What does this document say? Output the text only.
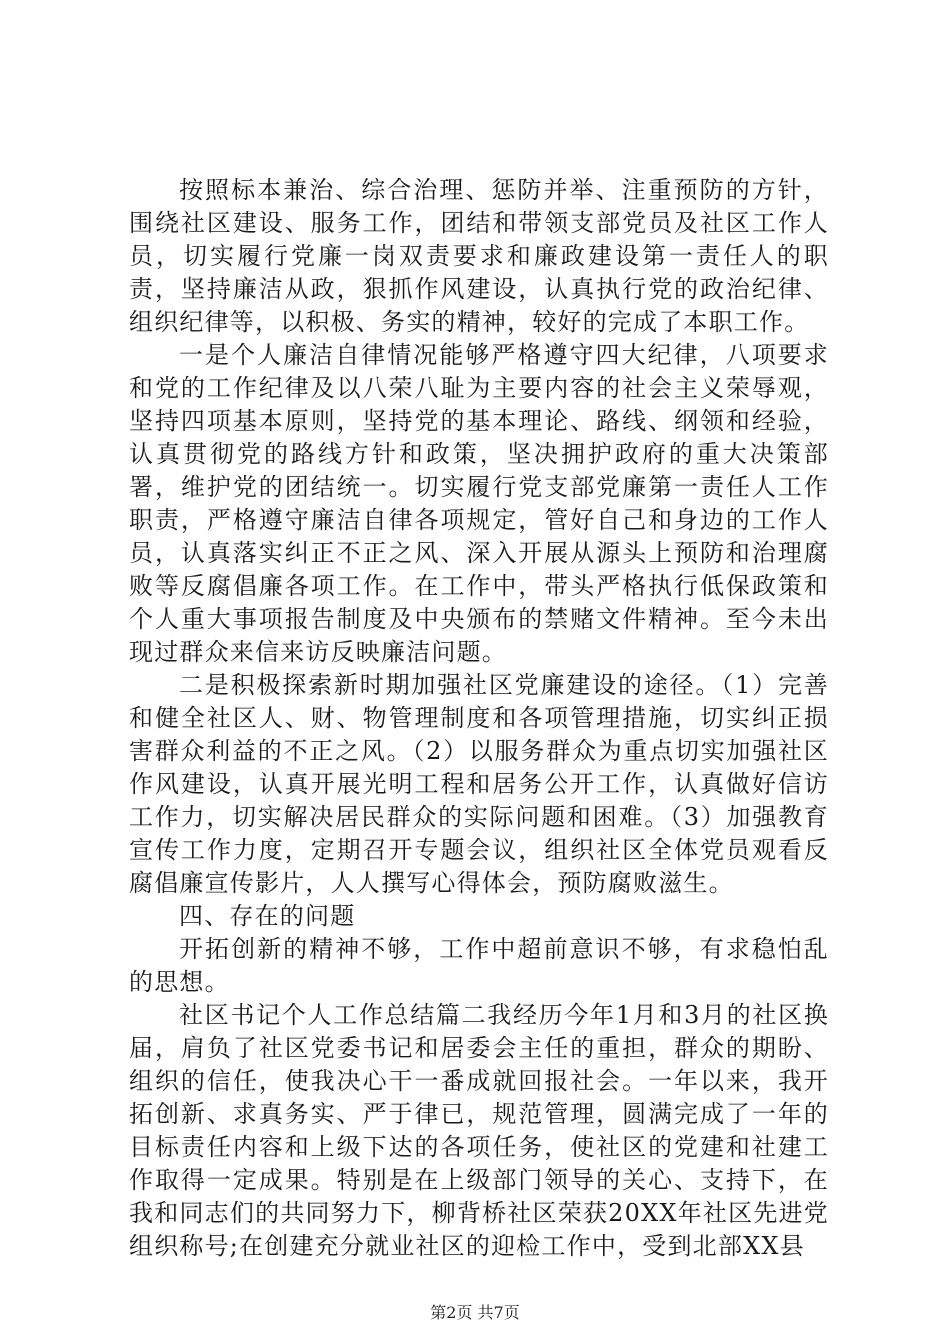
按照标本兼治、综合治理、惩防并举、注重预防的方针，围绕社区建设、服务工作，团结和带领支部党员及社区工作人员，切实履行党廉一岗双责要求和廉政建设第一责任人的职责，坚持廉洁从政，狠抓作风建设，认真执行党的政治纪律、组织纪律等，以积极、务实的精神，较好的完成了本职工作。

一是个人廉洁自律情况能够严格遵守四大纪律，八项要求和党的工作纪律及以八荣八耻为主要内容的社会主义荣辱观，坚持四项基本原则，坚持党的基本理论、路线、纲领和经验，认真贯彻党的路线方针和政策，坚决拥护政府的重大决策部署，维护党的团结统一。切实履行党支部党廉第一责任人工作职责，严格遵守廉洁自律各项规定，管好自己和身边的工作人员，认真落实纠正不正之风、深入开展从源头上预防和治理腐败等反腐倡廉各项工作。在工作中，带头严格执行低保政策和个人重大事项报告制度及中央颁布的禁赌文件精神。至今未出现过群众来信来访反映廉洁问题。

二是积极探索新时期加强社区党廉建设的途径。（1）完善和健全社区人、财、物管理制度和各项管理措施，切实纠正损害群众利益的不正之风。（2）以服务群众为重点切实加强社区作风建设，认真开展光明工程和居务公开工作，认真做好信访工作力，切实解决居民群众的实际问题和困难。（3）加强教育宣传工作力度，定期召开专题会议，组织社区全体党员观看反腐倡廉宣传影片，人人撰写心得体会，预防腐败滋生。

四、存在的问题

开拓创新的精神不够，工作中超前意识不够，有求稳怕乱的思想。

社区书记个人工作总结篇二我经历今年1月和3月的社区换届，肩负了社区党委书记和居委会主任的重担，群众的期盼、组织的信任，使我决心干一番成就回报社会。一年以来，我开拓创新、求真务实、严于律已，规范管理，圆满完成了一年的目标责任内容和上级下达的各项任务，使社区的党建和社建工作取得一定成果。特别是在上级部门领导的关心、支持下，在我和同志们的共同努力下，柳背桥社区荣获20XX年社区先进党组织称号;在创建充分就业社区的迎检工作中，受到北部XX县

第2页 共7页
